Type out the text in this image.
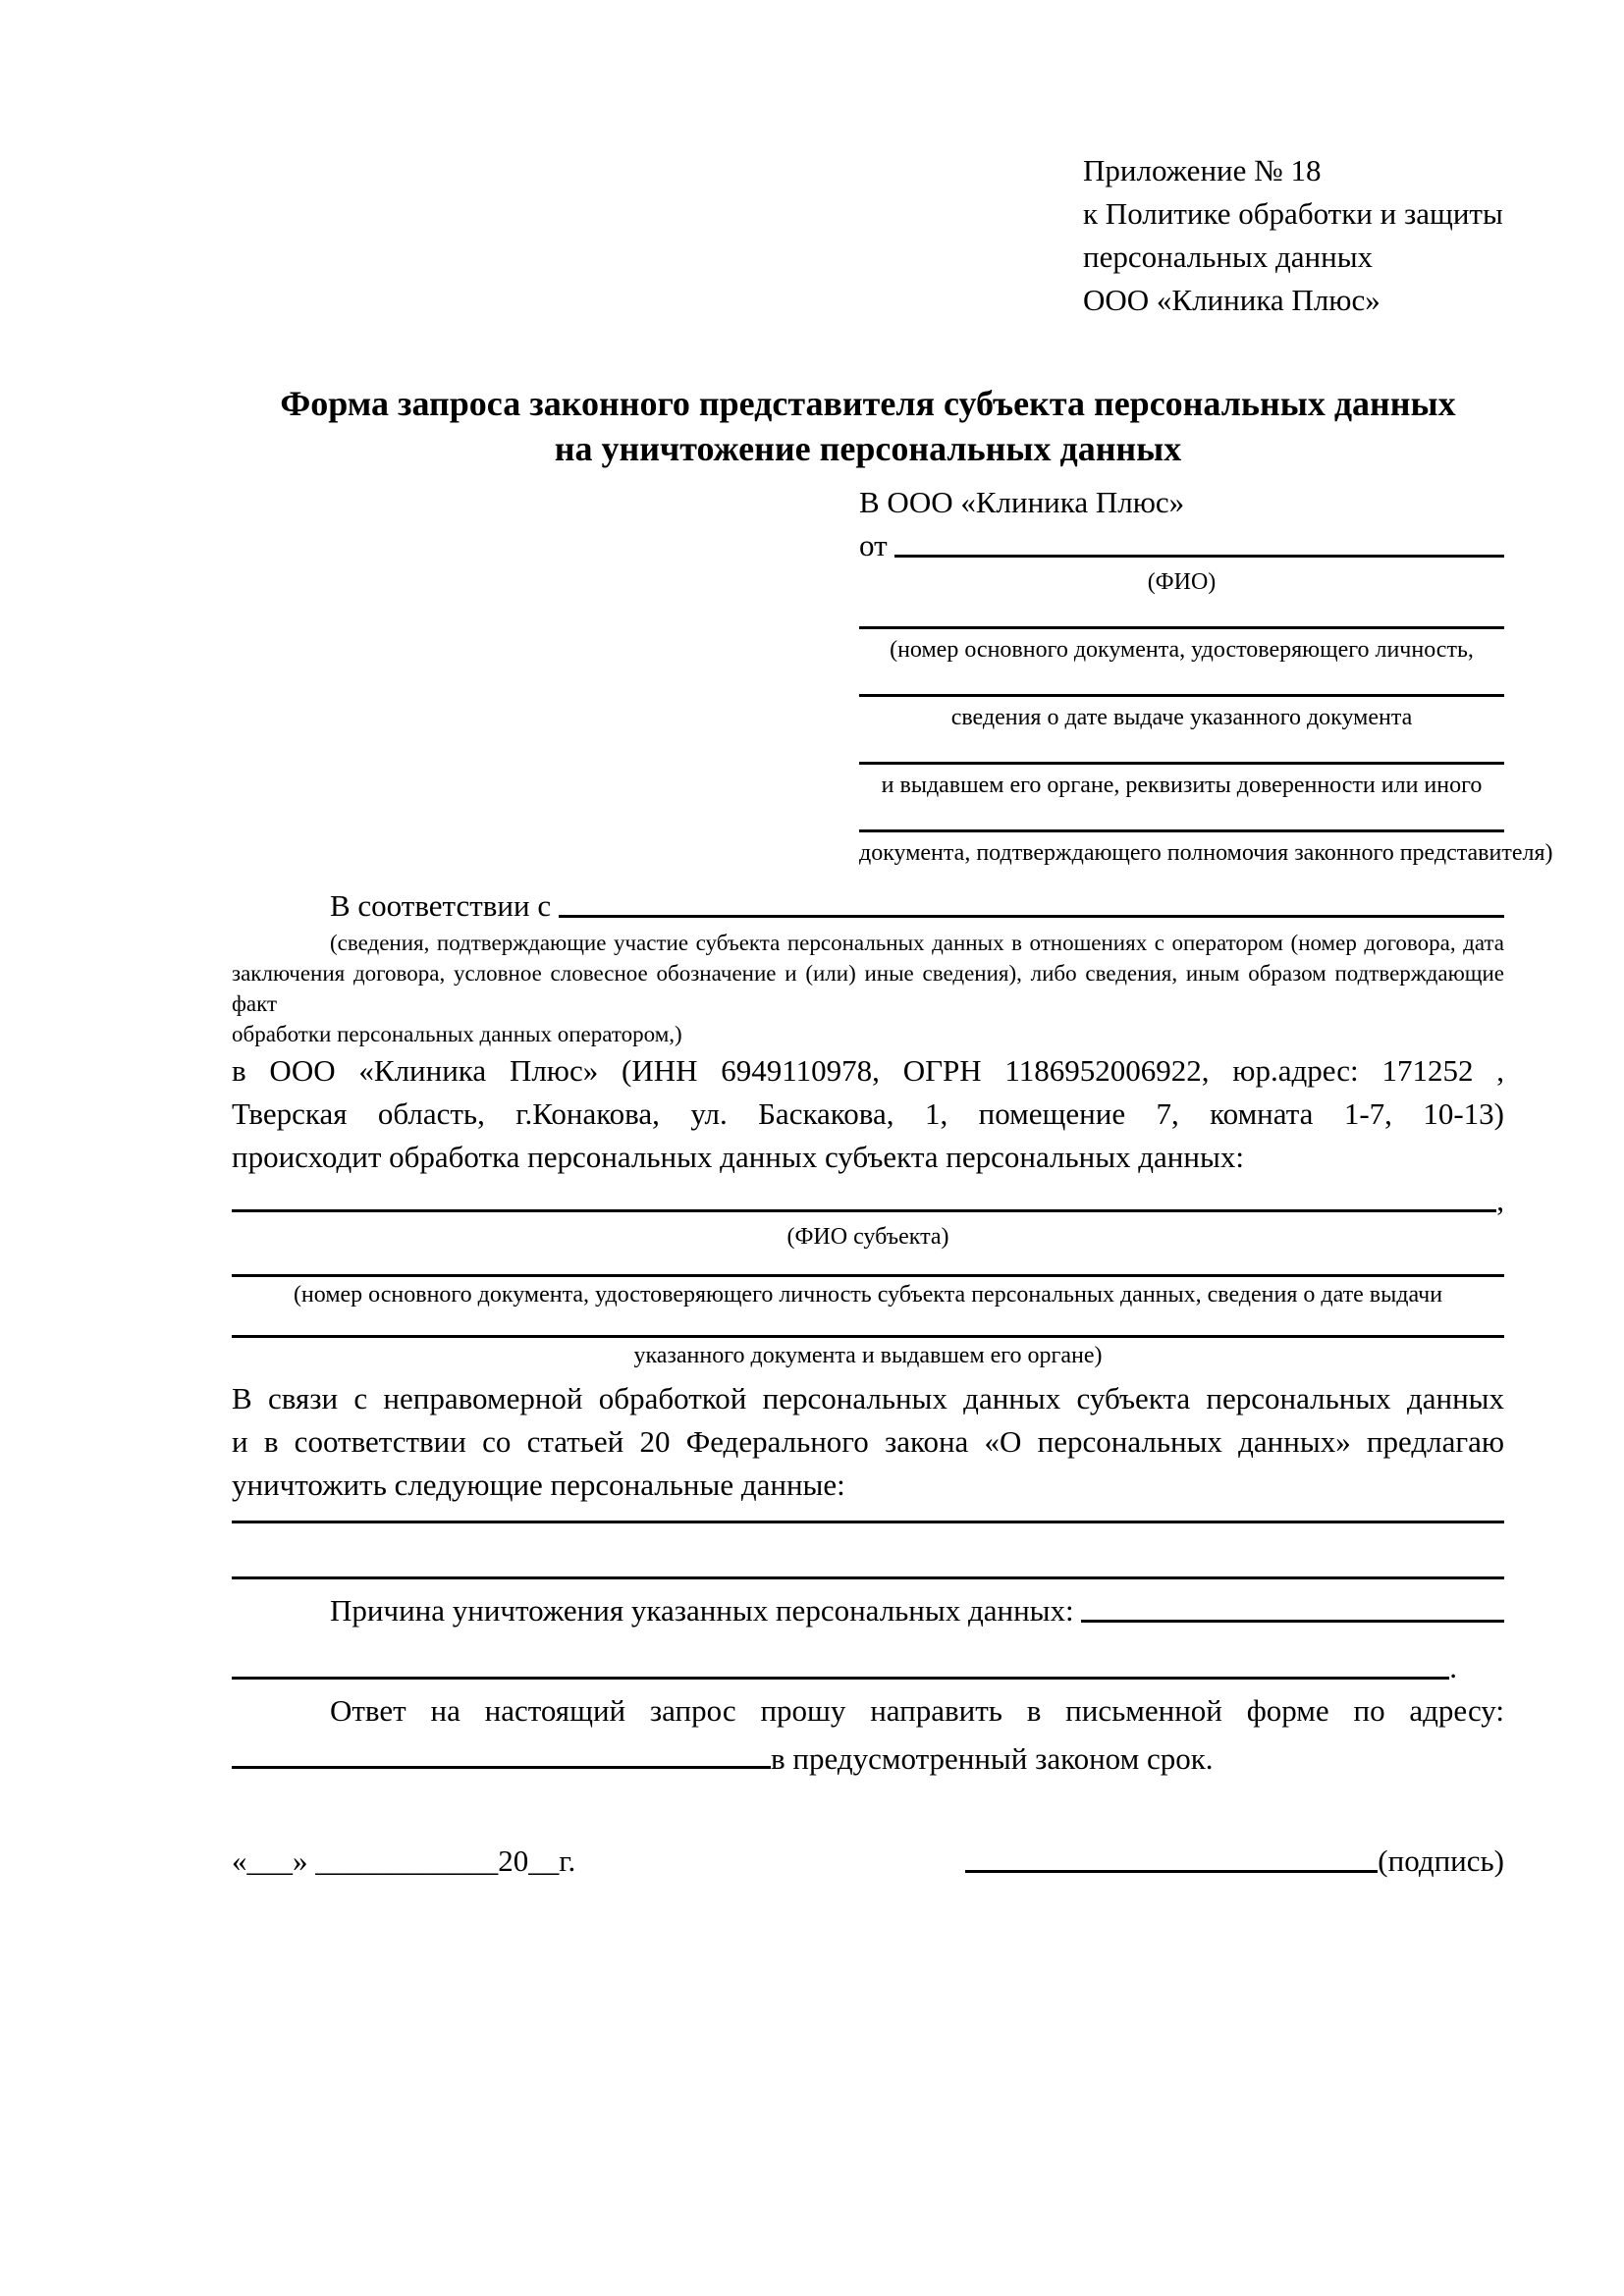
Приложение № 18
к Политике обработки и защиты
персональных данных
ООО «Клиника Плюс»
Форма запроса законного представителя субъекта персональных данных
на уничтожение персональных данных
В ООО «Клиника Плюс»
от
(ФИО)
(номер основного документа, удостоверяющего личность,
сведения о дате выдаче указанного документа
и выдавшем его органе, реквизиты доверенности или иного
документа, подтверждающего полномочия законного представителя)
В соответствии с
(сведения, подтверждающие участие субъекта персональных данных в отношениях с оператором (номер договора, дата
заключения договора, условное словесное обозначение и (или) иные сведения), либо сведения, иным образом подтверждающие факт
обработки персональных данных оператором,)
в ООО «Клиника Плюс» (ИНН 6949110978, ОГРН 1186952006922, юр.адрес: 171252 ,
Тверская область, г.Конакова, ул. Баскакова, 1, помещение 7, комната 1-7, 10-13)
происходит обработка персональных данных субъекта персональных данных:
,
(ФИО субъекта)
(номер основного документа, удостоверяющего личность субъекта персональных данных, сведения о дате выдачи
указанного документа и выдавшем его органе)
В связи с неправомерной обработкой персональных данных субъекта персональных данных
и в соответствии со статьей 20 Федерального закона «О персональных данных» предлагаю
уничтожить следующие персональные данные:
Причина уничтожения указанных персональных данных:
.
Ответ на настоящий запрос прошу направить в письменной форме по адресу:
в предусмотренный законом срок.
«___» ____________20__г.	(подпись)
